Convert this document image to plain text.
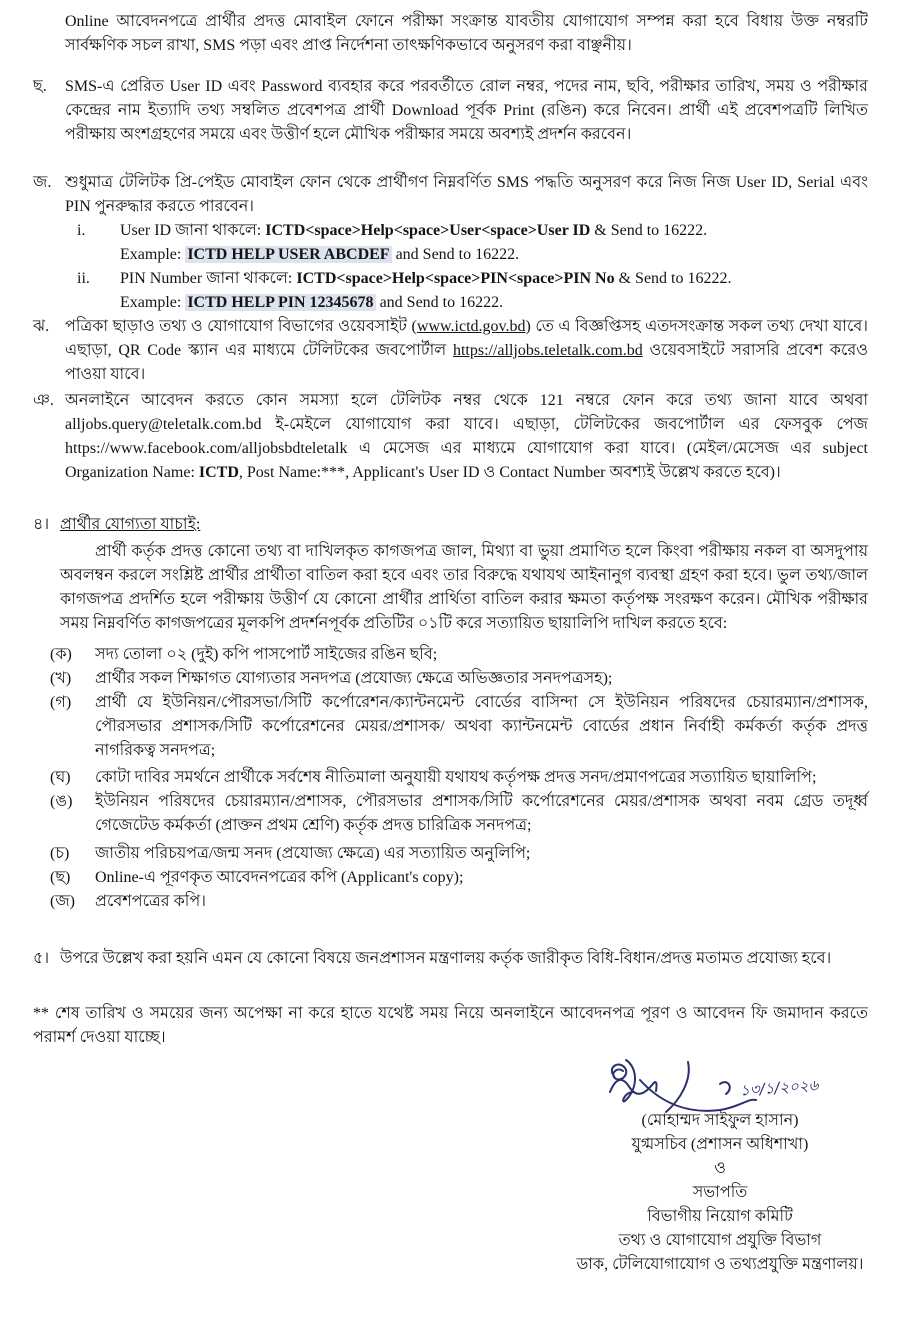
Online আবেদনপত্রে প্রার্থীর প্রদত্ত মোবাইল ফোনে পরীক্ষা সংক্রান্ত যাবতীয় যোগাযোগ সম্পন্ন করা হবে বিধায় উক্ত নম্বরটি সার্বক্ষণিক সচল রাখা, SMS পড়া এবং প্রাপ্ত নির্দেশনা তাৎক্ষণিকভাবে অনুসরণ করা বাঞ্ছনীয়।

ছ.	SMS-এ প্রেরিত User ID এবং Password ব্যবহার করে পরবর্তীতে রোল নম্বর, পদের নাম, ছবি, পরীক্ষার তারিখ, সময় ও পরীক্ষার কেন্দ্রের নাম ইত্যাদি তথ্য সম্বলিত প্রবেশপত্র প্রার্থী Download পূর্বক Print (রঙিন) করে নিবেন। প্রার্থী এই প্রবেশপত্রটি লিখিত পরীক্ষায় অংশগ্রহণের সময়ে এবং উত্তীর্ণ হলে মৌখিক পরীক্ষার সময়ে অবশ্যই প্রদর্শন করবেন।
জ. শুধুমাত্র টেলিটক প্রি-পেইড মোবাইল ফোন থেকে প্রার্থীগণ নিম্নবর্ণিত SMS পদ্ধতি অনুসরণ করে নিজ নিজ User ID, Serial এবং PIN পুনরুদ্ধার করতে পারবেন।
i.	User ID জানা থাকলে: ICTD<space>Help<space>User<space>User ID & Send to 16222.
Example: ICTD HELP USER ABCDEF and Send to 16222.
ii.	PIN Number জানা থাকলে: ICTD<space>Help<space>PIN<space>PIN No & Send to 16222.
Example: ICTD HELP PIN 12345678 and Send to 16222.
ঝ. পত্রিকা ছাড়াও তথ্য ও যোগাযোগ বিভাগের ওয়েবসাইট (www.ictd.gov.bd) তে এ বিজ্ঞপ্তিসহ এতদসংক্রান্ত সকল তথ্য দেখা যাবে। এছাড়া, QR Code স্ক্যান এর মাধ্যমে টেলিটকের জবপোর্টাল https://alljobs.teletalk.com.bd ওয়েবসাইটে সরাসরি প্রবেশ করেও পাওয়া যাবে।
ঞ. অনলাইনে আবেদন করতে কোন সমস্যা হলে টেলিটক নম্বর থেকে 121 নম্বরে ফোন করে তথ্য জানা যাবে অথবা alljobs.query@teletalk.com.bd ই-মেইলে যোগাযোগ করা যাবে। এছাড়া, টেলিটকের জবপোর্টাল এর ফেসবুক পেজ https://www.facebook.com/alljobsbdteletalk এ মেসেজ এর মাধ্যমে যোগাযোগ করা যাবে। (মেইল/মেসেজ এর subject Organization Name: ICTD, Post Name:***, Applicant's User ID ও Contact Number অবশ্যই উল্লেখ করতে হবে)।
৪। প্রার্থীর যোগ্যতা যাচাই:
প্রার্থী কর্তৃক প্রদত্ত কোনো তথ্য বা দাখিলকৃত কাগজপত্র জাল, মিথ্যা বা ভুয়া প্রমাণিত হলে কিংবা পরীক্ষায় নকল বা অসদুপায় অবলম্বন করলে সংশ্লিষ্ট প্রার্থীর প্রার্থীতা বাতিল করা হবে এবং তার বিরুদ্ধে যথাযথ আইনানুগ ব্যবস্থা গ্রহণ করা হবে। ভুল তথ্য/জাল কাগজপত্র প্রদর্শিত হলে পরীক্ষায় উত্তীর্ণ যে কোনো প্রার্থীর প্রার্থিতা বাতিল করার ক্ষমতা কর্তৃপক্ষ সংরক্ষণ করেন। মৌখিক পরীক্ষার সময় নিম্নবর্ণিত কাগজপত্রের মূলকপি প্রদর্শনপূর্বক প্রতিটির ০১টি করে সত্যায়িত ছায়ালিপি দাখিল করতে হবে:
(ক)	সদ্য তোলা ০২ (দুই) কপি পাসপোর্ট সাইজের রঙিন ছবি;
(খ)	প্রার্থীর সকল শিক্ষাগত যোগ্যতার সনদপত্র (প্রযোজ্য ক্ষেত্রে অভিজ্ঞতার সনদপত্রসহ);
(গ)	প্রার্থী যে ইউনিয়ন/পৌরসভা/সিটি কর্পোরেশন/ক্যান্টনমেন্ট বোর্ডের বাসিন্দা সে ইউনিয়ন পরিষদের চেয়ারম্যান/প্রশাসক, পৌরসভার প্রশাসক/সিটি কর্পোরেশনের মেয়র/প্রশাসক/ অথবা ক্যান্টনমেন্ট বোর্ডের প্রধান নির্বাহী কর্মকর্তা কর্তৃক প্রদত্ত নাগরিকত্ব সনদপত্র;
(ঘ)	কোটা দাবির সমর্থনে প্রার্থীকে সর্বশেষ নীতিমালা অনুযায়ী যথাযথ কর্তৃপক্ষ প্রদত্ত সনদ/প্রমাণপত্রের সত্যায়িত ছায়ালিপি;
(ঙ)	ইউনিয়ন পরিষদের চেয়ারম্যান/প্রশাসক, পৌরসভার প্রশাসক/সিটি কর্পোরেশনের মেয়র/প্রশাসক অথবা নবম গ্রেড তদূর্ধ্ব গেজেটেড কর্মকর্তা (প্রাক্তন প্রথম শ্রেণি) কর্তৃক প্রদত্ত চারিত্রিক সনদপত্র;
(চ)	জাতীয় পরিচয়পত্র/জন্ম সনদ (প্রযোজ্য ক্ষেত্রে) এর সত্যায়িত অনুলিপি;
(ছ)	Online-এ পূরণকৃত আবেদনপত্রের কপি (Applicant's copy);
(জ)	প্রবেশপত্রের কপি।
৫। উপরে উল্লেখ করা হয়নি এমন যে কোনো বিষয়ে জনপ্রশাসন মন্ত্রণালয় কর্তৃক জারীকৃত বিধি-বিধান/প্রদত্ত মতামত প্রযোজ্য হবে।
** শেষ তারিখ ও সময়ের জন্য অপেক্ষা না করে হাতে যথেষ্ট সময় নিয়ে অনলাইনে আবেদনপত্র পূরণ ও আবেদন ফি জমাদান করতে পরামর্শ দেওয়া যাচ্ছে।
১৩/১/২০২৬
(মোহাম্মদ সাইফুল হাসান)
যুগ্মসচিব (প্রশাসন অধিশাখা)
ও
সভাপতি
বিভাগীয় নিয়োগ কমিটি
তথ্য ও যোগাযোগ প্রযুক্তি বিভাগ
ডাক, টেলিযোগাযোগ ও তথ্যপ্রযুক্তি মন্ত্রণালয়।
